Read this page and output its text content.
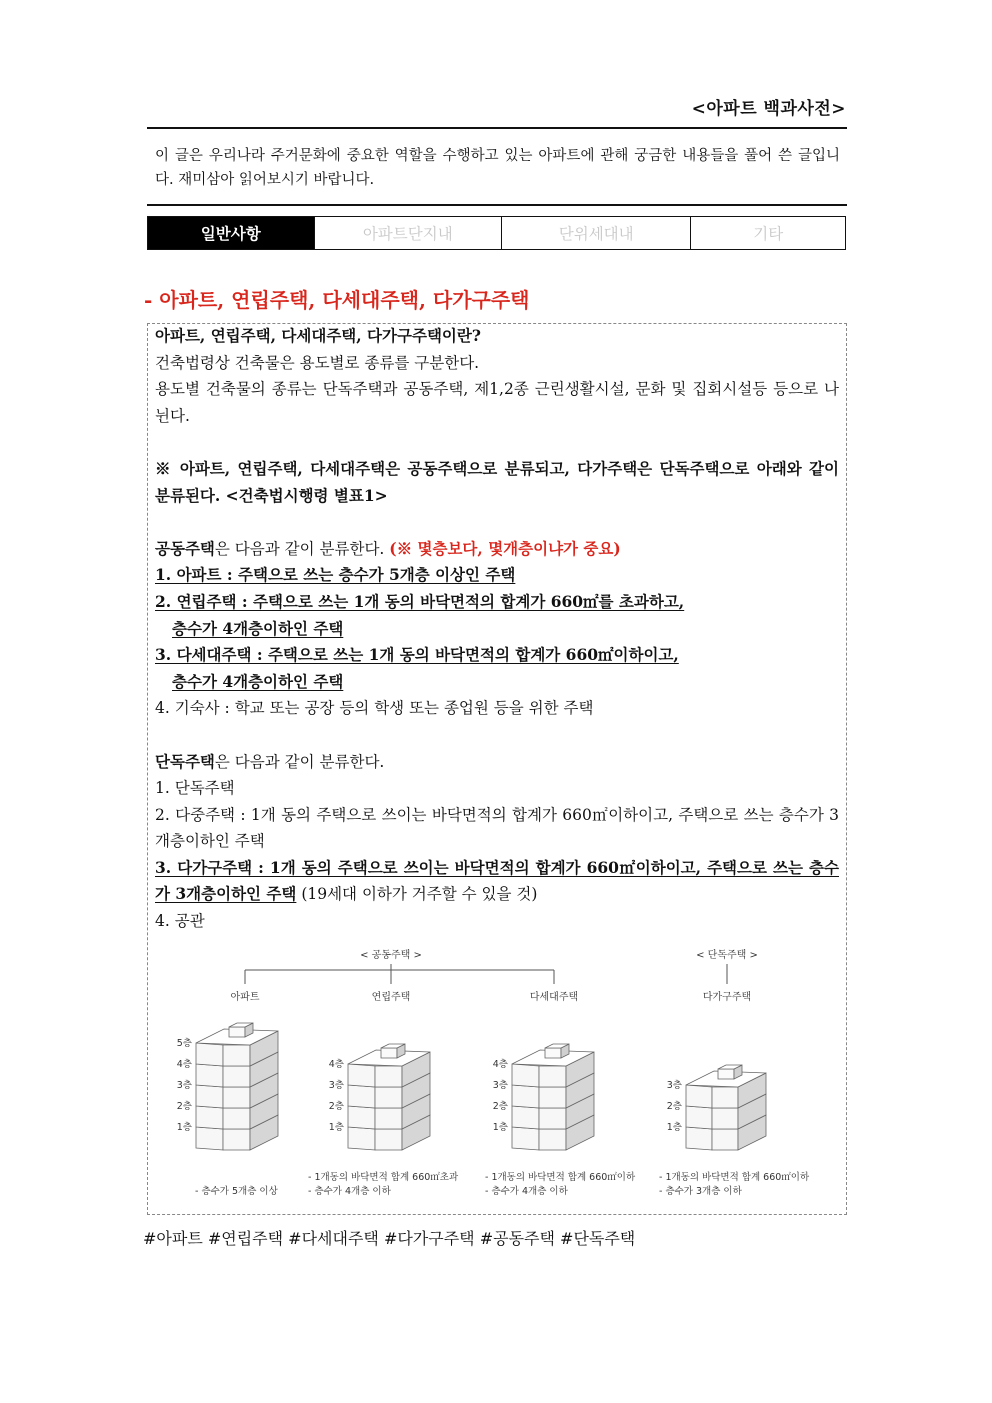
<아파트 백과사전>
이 글은 우리나라 주거문화에 중요한 역할을 수행하고 있는 아파트에 관해 궁금한 내용들을 풀어 쓴 글입니다. 재미삼아 읽어보시기 바랍니다.
일반사항	아파트단지내	단위세대내	기타
- 아파트, 연립주택, 다세대주택, 다가구주택
아파트, 연립주택, 다세대주택, 다가구주택이란?
건축법령상 건축물은 용도별로 종류를 구분한다.
용도별 건축물의 종류는 단독주택과 공동주택, 제1,2종 근린생활시설, 문화 및 집회시설등 등으로 나뉜다.
※ 아파트, 연립주택, 다세대주택은 공동주택으로 분류되고, 다가주택은 단독주택으로 아래와 같이 분류된다. <건축법시행령 별표1>
공동주택은 다음과 같이 분류한다. (※ 몇층보다, 몇개층이냐가 중요)
1. 아파트 : 주택으로 쓰는 층수가 5개층 이상인 주택
2. 연립주택 : 주택으로 쓰는 1개 동의 바닥면적의 합계가 660㎡를 초과하고,
층수가 4개층이하인 주택
3. 다세대주택 : 주택으로 쓰는 1개 동의 바닥면적의 합계가 660㎡이하이고,
층수가 4개층이하인 주택
4. 기숙사 : 학교 또는 공장 등의 학생 또는 종업원 등을 위한 주택
단독주택은 다음과 같이 분류한다.
1. 단독주택
2. 다중주택 : 1개 동의 주택으로 쓰이는 바닥면적의 합계가 660㎡이하이고, 주택으로 쓰는 층수가 3개층이하인 주택
3. 다가구주택 : 1개 동의 주택으로 쓰이는 바닥면적의 합계가 660㎡이하이고, 주택으로 쓰는 층수가 3개층이하인 주택 (19세대 이하가 거주할 수 있을 것)
4. 공관
< 공동주택 >	< 단독주택 >
아파트	연립주택	다세대주택	다가구주택
5층
4층
3층
2층
1층
4층
3층
2층
1층
4층
3층
2층
1층
3층
2층
1층
- 층수가 5개층 이상
- 1개동의 바닥면적 합계 660㎡초과
- 층수가 4개층 이하
- 1개동의 바닥면적 합계 660㎡이하
- 층수가 4개층 이하
- 1개동의 바닥면적 합계 660㎡이하
- 층수가 3개층 이하
#아파트 #연립주택 #다세대주택 #다가구주택 #공동주택 #단독주택
